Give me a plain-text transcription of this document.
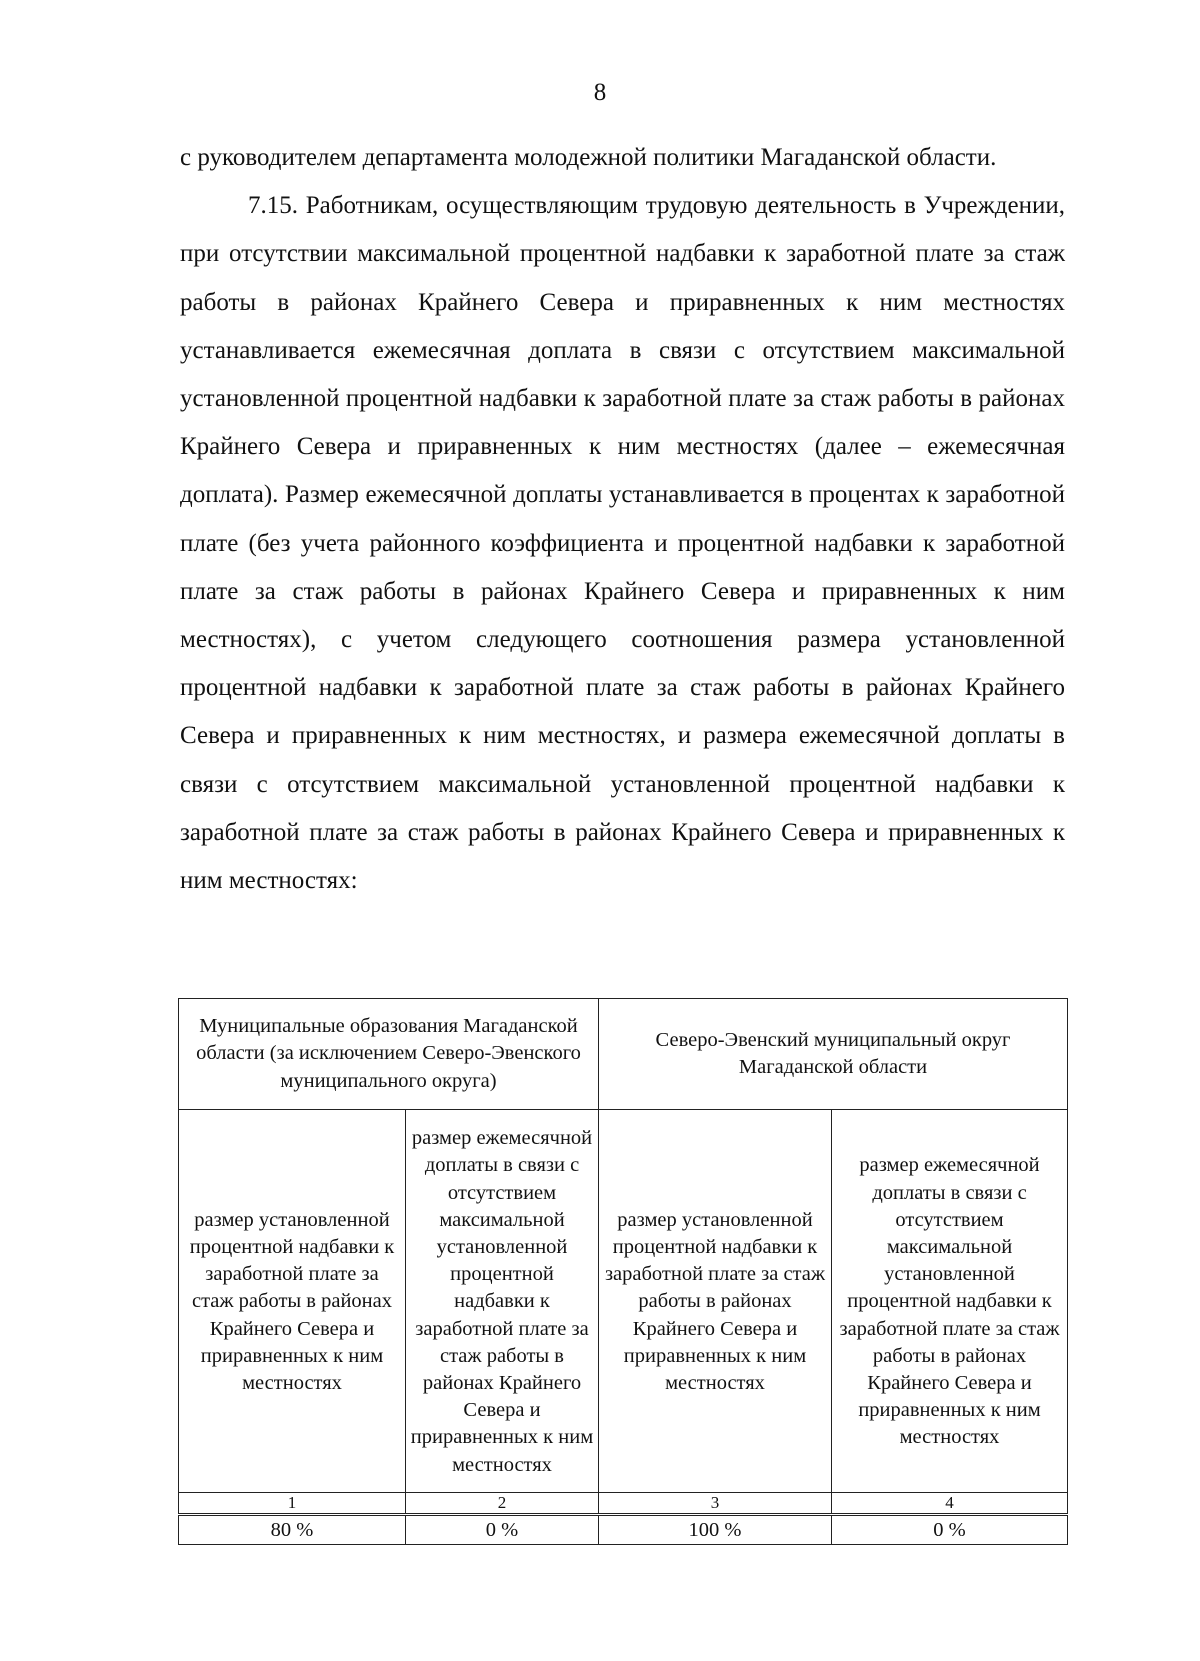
8

с руководителем департамента молодежной политики Магаданской области.

7.15. Работникам, осуществляющим трудовую деятельность в Учреждении, при отсутствии максимальной процентной надбавки к заработной плате за стаж работы в районах Крайнего Севера и приравненных к ним местностях устанавливается ежемесячная доплата в связи с отсутствием максимальной установленной процентной надбавки к заработной плате за стаж работы в районах Крайнего Севера и приравненных к ним местностях (далее – ежемесячная доплата). Размер ежемесячной доплаты устанавливается в процентах к заработной плате (без учета районного коэффициента и процентной надбавки к заработной плате за стаж работы в районах Крайнего Севера и приравненных к ним местностях), с учетом следующего соотношения размера установленной процентной надбавки к заработной плате за стаж работы в районах Крайнего Севера и приравненных к ним местностях, и размера ежемесячной доплаты в связи с отсутствием максимальной установленной процентной надбавки к заработной плате за стаж работы в районах Крайнего Севера и приравненных к ним местностях:

Муниципальные образования Магаданской области (за исключением Северо-Эвенского муниципального округа)		Северо-Эвенский муниципальный округ Магаданской области	
размер установленной процентной надбавки к заработной плате за стаж работы в районах Крайнего Севера и приравненных к ним местностях	размер ежемесячной доплаты в связи с отсутствием максимальной установленной процентной надбавки к заработной плате за стаж работы в районах Крайнего Севера и приравненных к ним местностях	размер установленной процентной надбавки к заработной плате за стаж работы в районах Крайнего Севера и приравненных к ним местностях	размер ежемесячной доплаты в связи с отсутствием максимальной установленной процентной надбавки к заработной плате за стаж работы в районах Крайнего Севера и приравненных к ним местностях
1	2	3	4
80 %	0 %	100 %	0 %
